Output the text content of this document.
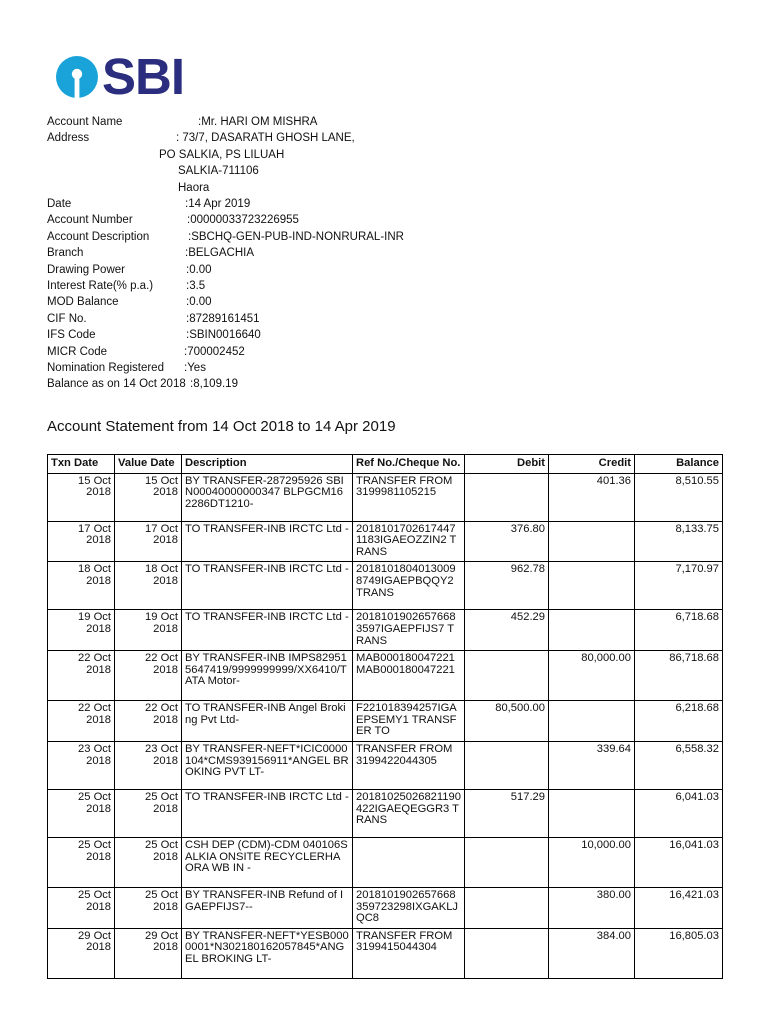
SBI
Account Name	:Mr. HARI OM MISHRA
Address	: 73/7, DASARATH GHOSH LANE,
PO SALKIA, PS LILUAH
SALKIA-711106
Haora
Date	:14 Apr 2019
Account Number	:00000033723226955
Account Description	:SBCHQ-GEN-PUB-IND-NONRURAL-INR
Branch	:BELGACHIA
Drawing Power	:0.00
Interest Rate(% p.a.)	:3.5
MOD Balance	:0.00
CIF No.	:87289161451
IFS Code	:SBIN0016640
MICR Code	:700002452
Nomination Registered :Yes
Balance as on 14 Oct 2018 :8,109.19
Account Statement from 14 Oct 2018 to 14 Apr 2019
Txn Date	Value Date	Description	Ref No./Cheque No.	Debit	Credit	Balance
15 Oct 2018	15 Oct 2018	BY TRANSFER-287295926 SBIN00040000000347 BLPGCM162286DT1210-	TRANSFER FROM 3199981105215		401.36	8,510.55
17 Oct 2018	17 Oct 2018	TO TRANSFER-INB IRCTC Ltd -	20181017026174471183IGAEOZZIN2 TRANS	376.80		8,133.75
18 Oct 2018	18 Oct 2018	TO TRANSFER-INB IRCTC Ltd -	20181018040130098749IGAEPBQQY2 TRANS	962.78		7,170.97
19 Oct 2018	19 Oct 2018	TO TRANSFER-INB IRCTC Ltd -	20181019026576683597IGAEPFIJS7 TRANS	452.29		6,718.68
22 Oct 2018	22 Oct 2018	BY TRANSFER-INB IMPS829515647419/9999999999/XX6410/TATA Motor-	MAB000180047221 MAB000180047221		80,000.00	86,718.68
22 Oct 2018	22 Oct 2018	TO TRANSFER-INB Angel Broking Pvt Ltd-	F221018394257IGAEPSEMY1 TRANSFER TO	80,500.00		6,218.68
23 Oct 2018	23 Oct 2018	BY TRANSFER-NEFT*ICIC0000104*CMS939156911*ANGEL BROKING PVT LT-	TRANSFER FROM 3199422044305		339.64	6,558.32
25 Oct 2018	25 Oct 2018	TO TRANSFER-INB IRCTC Ltd -	20181025026821190422IGAEQEGGR3 TRANS	517.29		6,041.03
25 Oct 2018	25 Oct 2018	CSH DEP (CDM)-CDM 040106SALKIA ONSITE RECYCLERHAORA WB IN -			10,000.00	16,041.03
25 Oct 2018	25 Oct 2018	BY TRANSFER-INB Refund of IGAEPFIJS7--	2018101902657668359723298IXGAKLJQC8		380.00	16,421.03
29 Oct 2018	29 Oct 2018	BY TRANSFER-NEFT*YESB0000001*N302180162057845*ANGEL BROKING LT-	TRANSFER FROM 3199415044304		384.00	16,805.03
